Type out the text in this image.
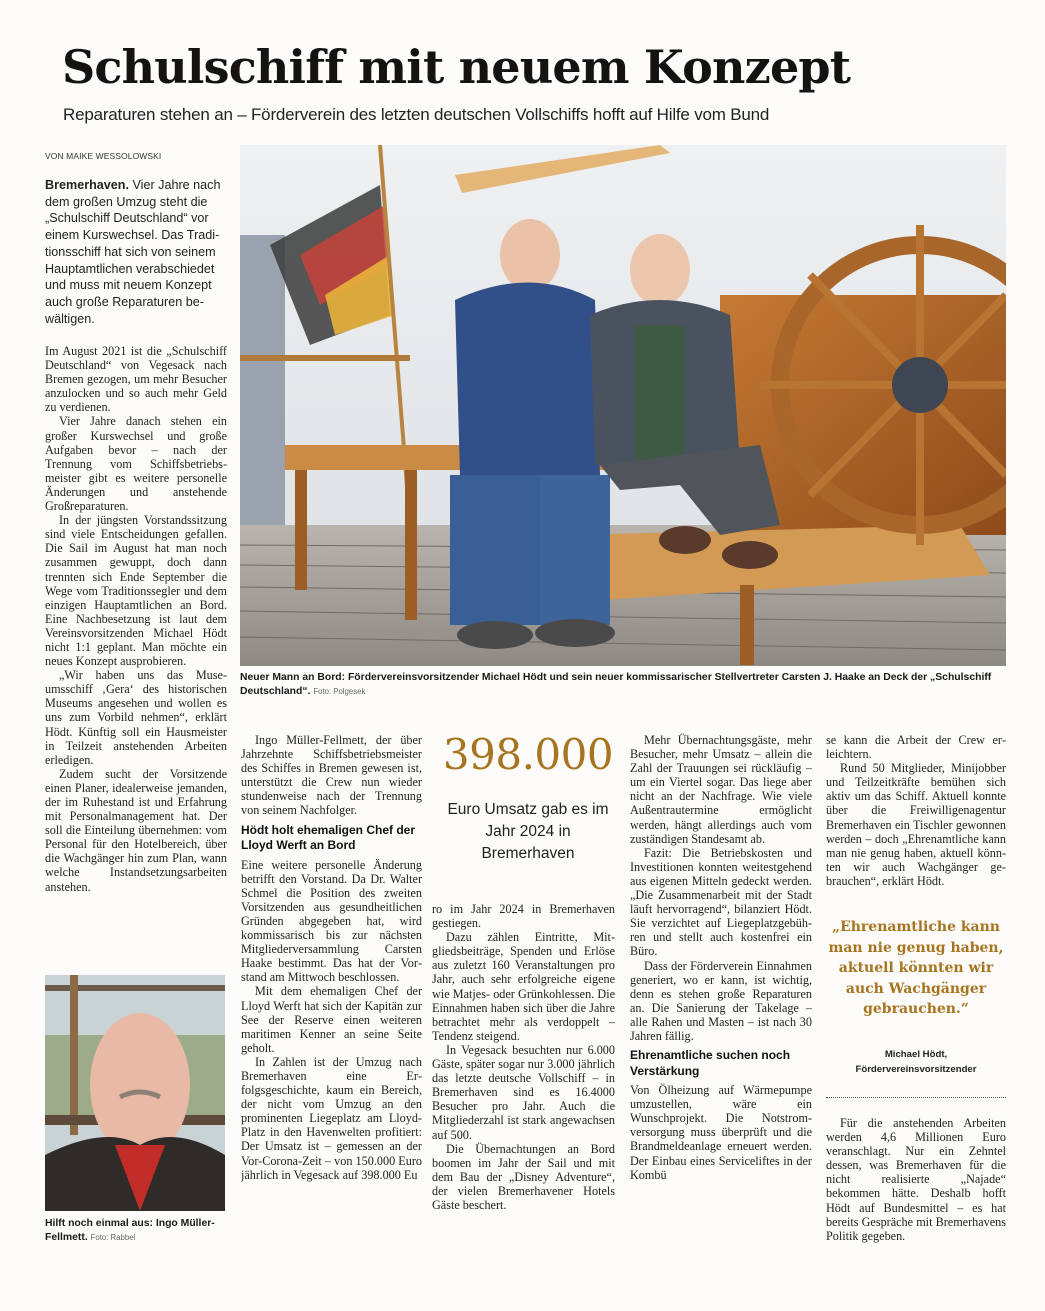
Schulschiff mit neuem Konzept
Reparaturen stehen an – Förderverein des letzten deutschen Vollschiffs hofft auf Hilfe vom Bund
VON MAIKE WESSOLOWSKI
Bremerhaven. Vier Jahre nach dem großen Umzug steht die „Schulschiff Deutschland“ vor einem Kurswechsel. Das Traditionsschiff hat sich von seinem Hauptamtlichen verabschiedet und muss mit neuem Konzept auch große Reparaturen bewältigen.

Im August 2021 ist die „Schulschiff Deutschland“ von Vegesack nach Bremen gezogen, um mehr Besucher anzulocken und so auch mehr Geld zu verdienen.

Vier Jahre danach stehen ein großer Kurswechsel und große Aufgaben bevor – nach der Trennung vom Schiffsbetriebsmeister gibt es weitere personelle Änderungen und anstehende Großreparaturen.

In der jüngsten Vorstandssitzung sind viele Entscheidungen gefallen. Die Sail im August hat man noch zusammen gewuppt, doch dann trennten sich Ende September die Wege vom Traditionssegler und dem einzigen Hauptamtlichen an Bord. Eine Nachbesetzung ist laut dem Vereinsvorsitzenden Michael Hödt nicht 1:1 geplant. Man möchte ein neues Konzept ausprobieren.

„Wir haben uns das Museumsschiff ‚Gera‘ des historischen Museums angesehen und wollen es uns zum Vorbild nehmen“, erklärt Hödt. Künftig soll ein Hausmeister in Teilzeit anstehenden Arbeiten erledigen.

Zudem sucht der Vorsitzende einen Planer, idealerweise jemanden, der im Ruhestand ist und Erfahrung mit Personalmanagement hat. Der soll die Einteilung übernehmen: vom Personal für den Hotelbereich, über die Wachgänger hin zum Plan, wann welche Instandsetzungsarbeiten anstehen.

Neuer Mann an Bord: Fördervereinsvorsitzender Michael Hödt und sein neuer kommissarischer Stellvertreter Carsten J. Haake an Deck der „Schulschiff Deutschland“. Foto: Polgesek
Hilft noch einmal aus: Ingo Müller-Fellmett. Foto: Rabbel

Ingo Müller-Fellmett, der über Jahrzehnte Schiffsbetriebsmeister des Schiffes in Bremen gewesen ist, unterstützt die Crew nun wieder stundenweise nach der Trennung von seinem Nachfolger.

Hödt holt ehemaligen Chef der Lloyd Werft an Bord

Eine weitere personelle Änderung betrifft den Vorstand. Da Dr. Walter Schmel die Position des zweiten Vorsitzenden aus gesundheitlichen Gründen abgegeben hat, wird kommissarisch bis zur nächsten Mitgliederversammlung Carsten Haake bestimmt. Das hat der Vorstand am Mittwoch beschlossen.

Mit dem ehemaligen Chef der Lloyd Werft hat sich der Kapitän zur See der Reserve einen weiteren maritimen Kenner an seine Seite geholt.

In Zahlen ist der Umzug nach Bremerhaven eine Erfolgsgeschichte, kaum ein Bereich, der nicht vom Umzug an den prominenten Liegeplatz am Lloyd-Platz in den Havenwelten profitiert: Der Umsatz ist – gemessen an der Vor-Corona-Zeit – von 150.000 Euro jährlich in Vegesack auf 398.000 Eu

398.000
Euro Umsatz gab es im Jahr 2024 in Bremerhaven

ro im Jahr 2024 in Bremerhaven gestiegen.

Dazu zählen Eintritte, Mitgliedsbeiträge, Spenden und Erlöse aus zuletzt 160 Veranstaltungen pro Jahr, auch sehr erfolgreiche eigene wie Matjes- oder Grünkohlessen. Die Einnahmen haben sich über die Jahre betrachtet mehr als verdoppelt – Tendenz steigend.

In Vegesack besuchten nur 6.000 Gäste, später sogar nur 3.000 jährlich das letzte deutsche Vollschiff – in Bremerhaven sind es 16.4000 Besucher pro Jahr. Auch die Mitgliederzahl ist stark angewachsen auf 500.

Die Übernachtungen an Bord boomen im Jahr der Sail und mit dem Bau der „Disney Adventure“, der vielen Bremerhavener Hotels Gäste beschert.

Mehr Übernachtungsgäste, mehr Besucher, mehr Umsatz – allein die Zahl der Trauungen sei rückläufig – um ein Viertel sogar. Das liege aber nicht an der Nachfrage. Wie viele Außentrautermine ermöglicht werden, hängt allerdings auch vom zuständigen Standesamt ab.

Fazit: Die Betriebskosten und Investitionen konnten weitestgehend aus eigenen Mitteln gedeckt werden. „Die Zusammenarbeit mit der Stadt läuft hervorragend“, bilanziert Hödt. Sie verzichtet auf Liegeplatzgebühren und stellt auch kostenfrei ein Büro.

Dass der Förderverein Einnahmen generiert, wo er kann, ist wichtig, denn es stehen große Reparaturen an. Die Sanierung der Takelage – alle Rahen und Masten – ist nach 30 Jahren fällig.

Ehrenamtliche suchen noch Verstärkung

Von Ölheizung auf Wärmepumpe umzustellen, wäre ein Wunschprojekt. Die Notstromversorgung muss überprüft und die Brandmeldeanlage erneuert werden. Der Einbau eines Serviceliftes in der Kombü

se kann die Arbeit der Crew erleichtern.

Rund 50 Mitglieder, Minijobber und Teilzeitkräfte bemühen sich aktiv um das Schiff. Aktuell konnte über die Freiwilligenagentur Bremerhaven ein Tischler gewonnen werden – doch „Ehrenamtliche kann man nie genug haben, aktuell könnten wir auch Wachgänger gebrauchen“, erklärt Hödt.

„Ehrenamtliche kann man nie genug haben, aktuell könnten wir auch Wachgänger gebrauchen.“
Michael Hödt,
Fördervereinsvorsitzender

Für die anstehenden Arbeiten werden 4,6 Millionen Euro veranschlagt. Nur ein Zehntel dessen, was Bremerhaven für die nicht realisierte „Najade“ bekommen hätte. Deshalb hofft Hödt auf Bundesmittel – es hat bereits Gespräche mit Bremerhavens Politik gegeben.
